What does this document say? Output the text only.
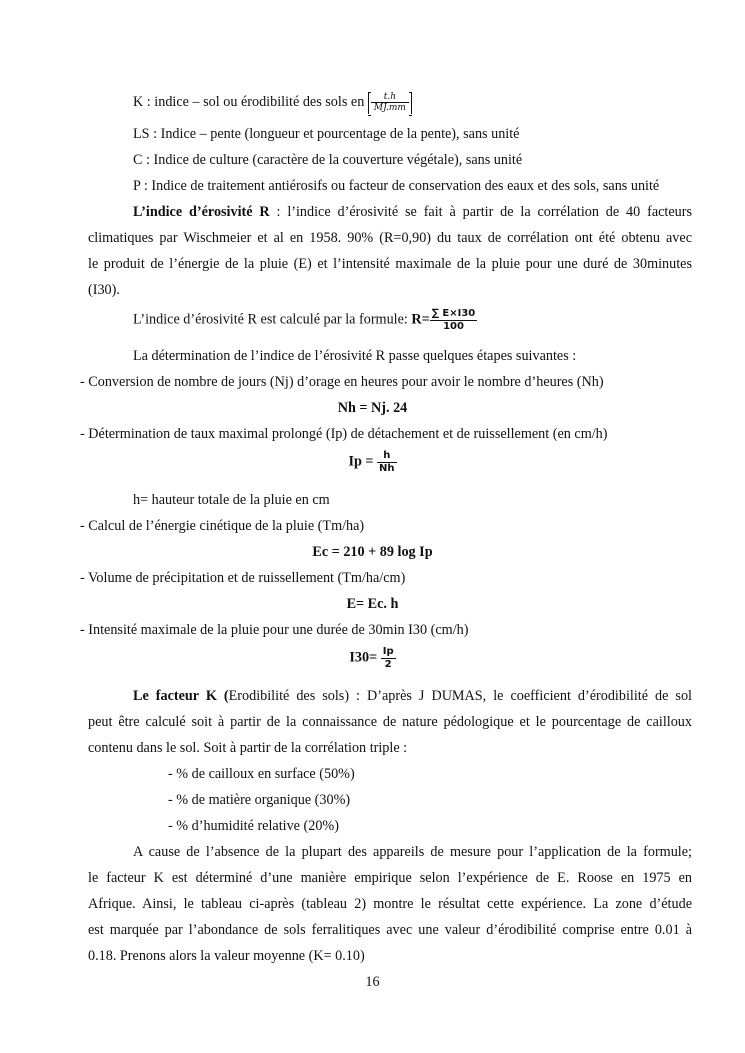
K : indice – sol ou érodibilité des sols en $\frac{t.h}{MJ.mm}$
LS : Indice – pente (longueur et pourcentage de la pente), sans unité
C : Indice de culture (caractère de la couverture végétale), sans unité
P : Indice de traitement antiérosifs ou facteur de conservation des eaux et des sols, sans unité
L’indice d’érosivité R : l’indice d’érosivité se fait à partir de la corrélation de 40 facteurs
climatiques par Wischmeier et al en 1958. 90% (R=0,90) du taux de corrélation ont été obtenu avec
le produit de l’énergie de la pluie (E) et l’intensité maximale de la pluie pour une duré de 30minutes
(I30).
L’indice d’érosivité R est calculé par la formule: $R= \frac{\sum E\times I30}{100}$
La détermination de l’indice de l’érosivité R passe quelques étapes suivantes :
- Conversion de nombre de jours (Nj) d’orage en heures pour avoir le nombre d’heures (Nh)
Nh = Nj. 24
- Détermination de taux maximal prolongé (Ip) de détachement et de ruissellement (en cm/h)
$Ip = \frac{h}{Nh}$
h= hauteur totale de la pluie en cm
- Calcul de l’énergie cinétique de la pluie (Tm/ha)
Ec = 210 + 89 log Ip
- Volume de précipitation et de ruissellement (Tm/ha/cm)
E= Ec. h
- Intensité maximale de la pluie pour une durée de 30min I30 (cm/h)
$I30= \frac{Ip}{2}$
Le facteur K (Erodibilité des sols) : D’après J DUMAS, le coefficient d’érodibilité de sol
peut être calculé soit à partir de la connaissance de nature pédologique et le pourcentage de cailloux
contenu dans le sol. Soit à partir de la corrélation triple :
- % de cailloux en surface (50%)
- % de matière organique (30%)
- % d’humidité relative (20%)
A cause de l’absence de la plupart des appareils de mesure pour l’application de la formule;
le facteur K est déterminé d’une manière empirique selon l’expérience de E. Roose en 1975 en
Afrique. Ainsi, le tableau ci-après (tableau 2) montre le résultat cette expérience. La zone d’étude
est marquée par l’abondance de sols ferralitiques avec une valeur d’érodibilité comprise entre 0.01 à
0.18. Prenons alors la valeur moyenne (K= 0.10)
16
